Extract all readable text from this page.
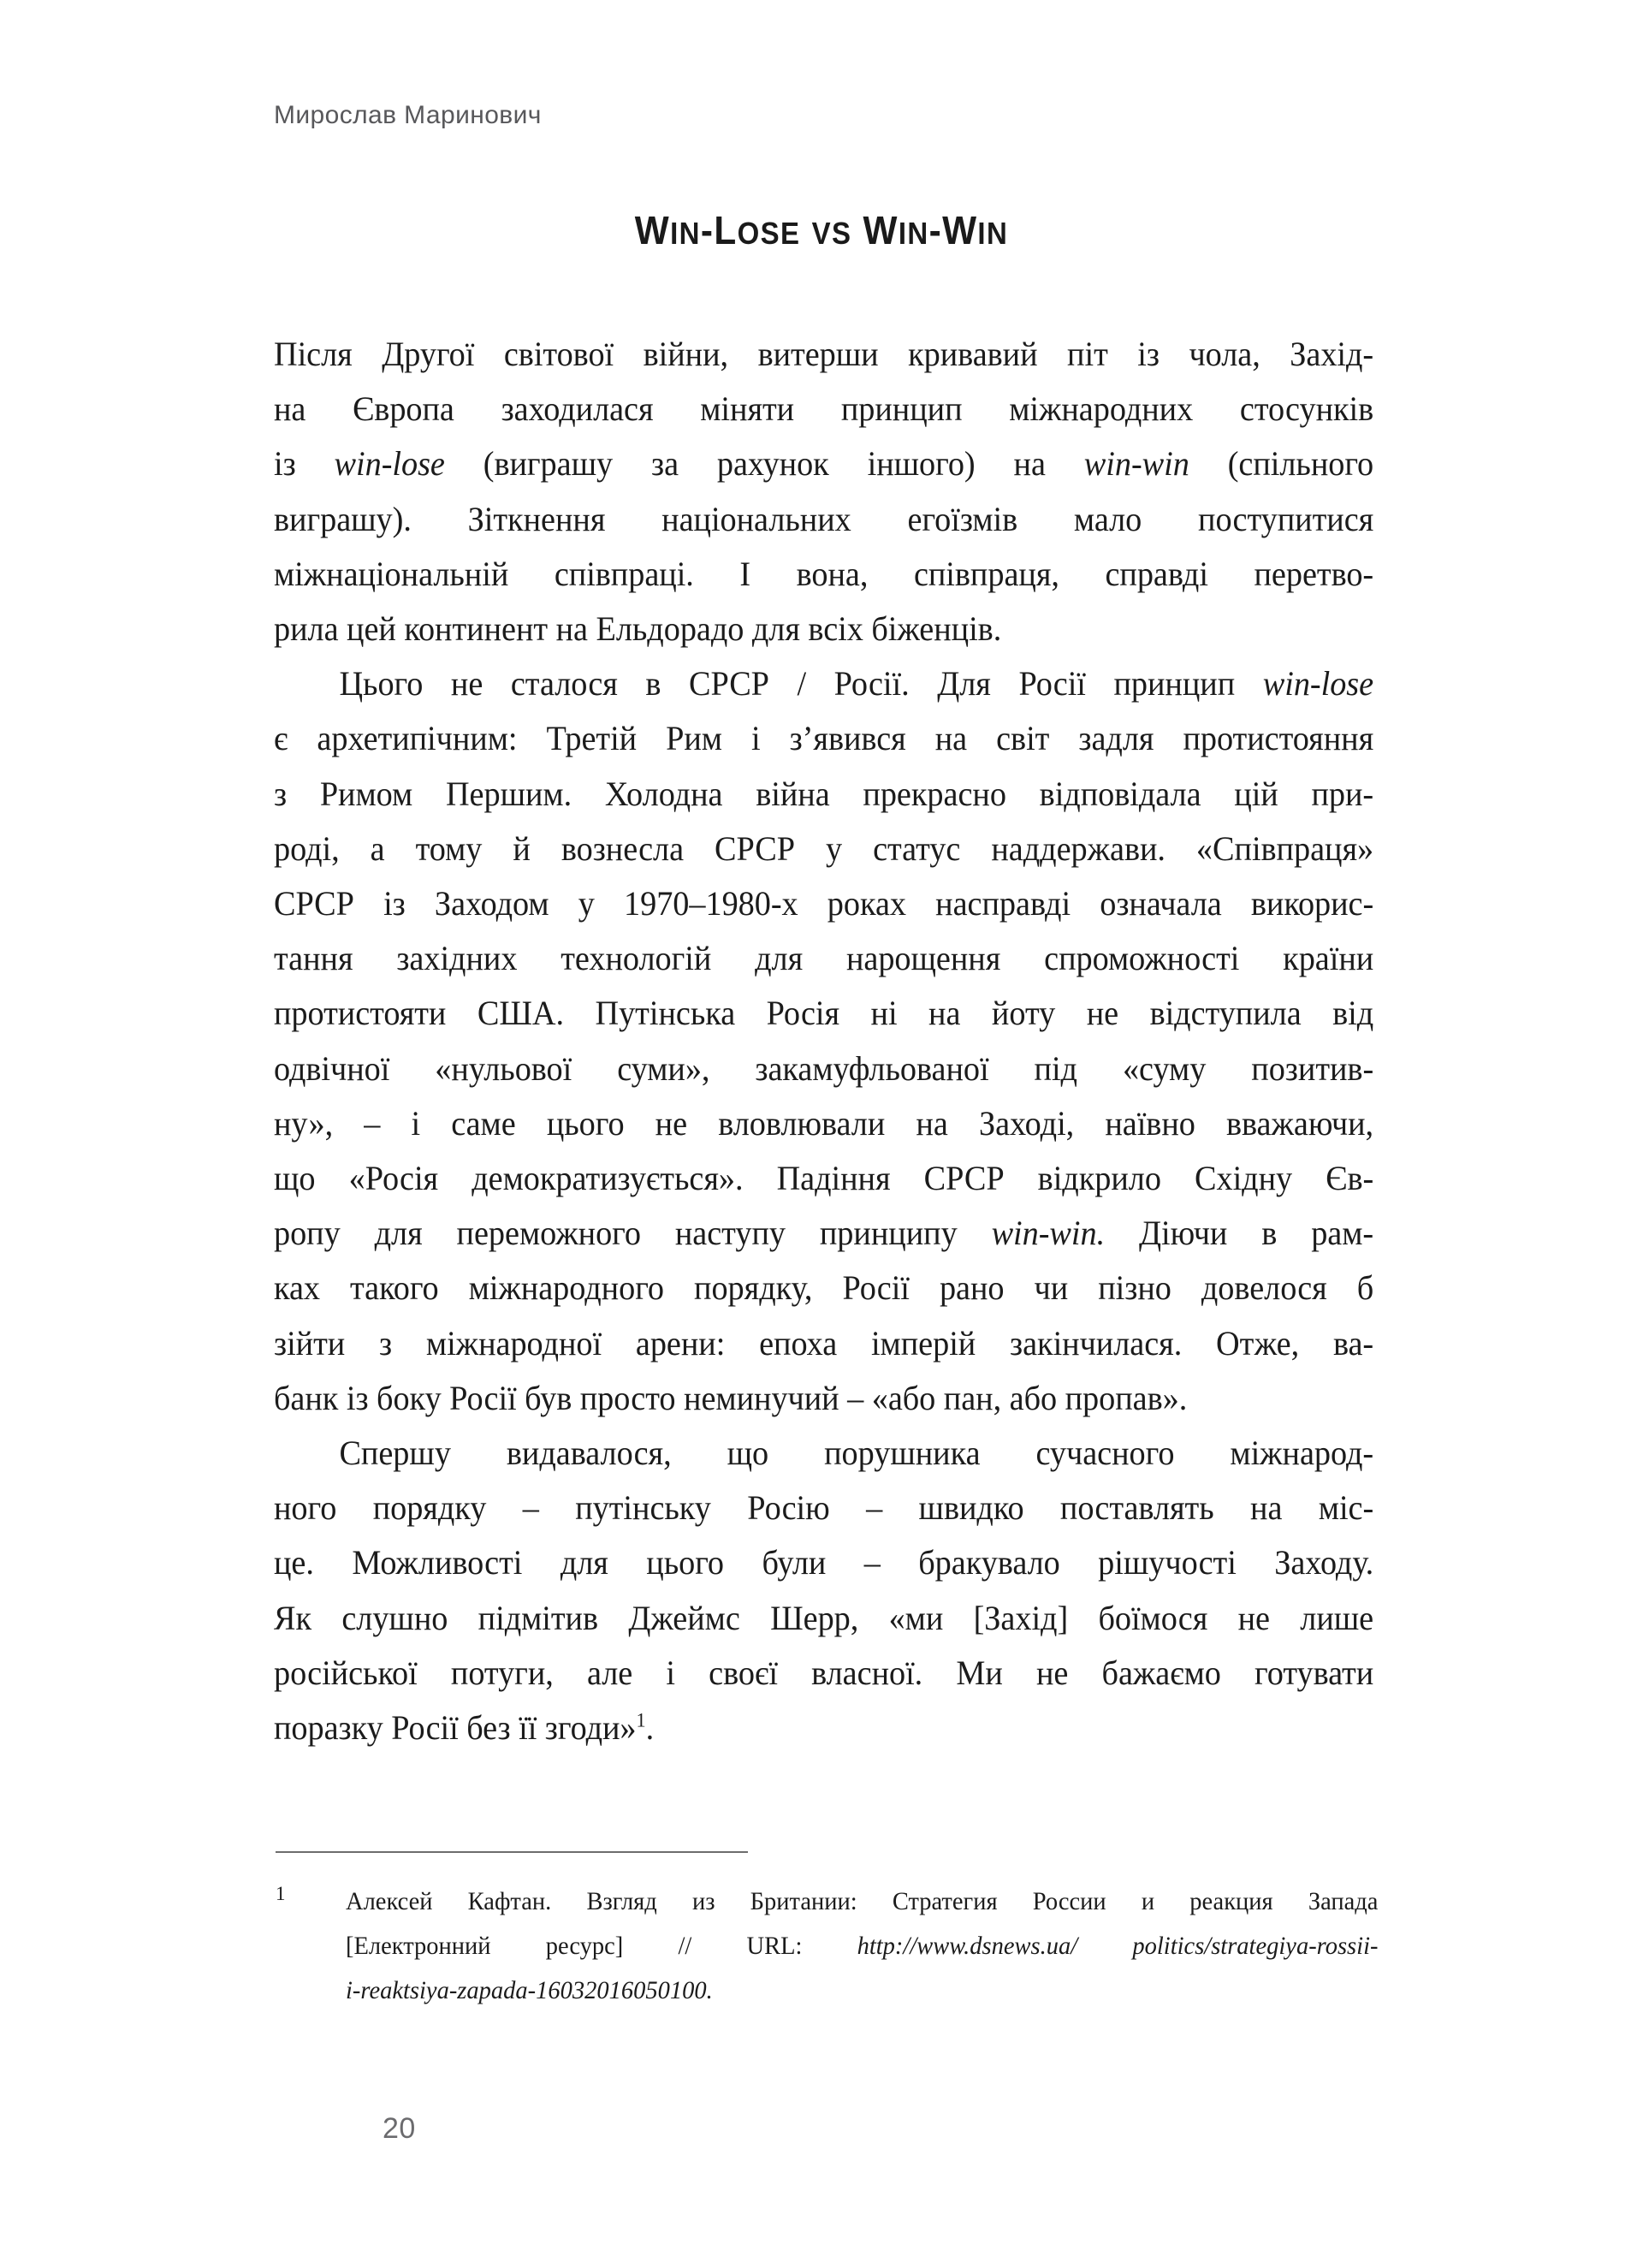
Мирослав Маринович
WIN-LOSE VS WIN-WIN
Після Другої світової війни, витерши кривавий піт із чола, Захід-
на Європа заходилася міняти принцип міжнародних стосунків
із win-lose (виграшу за рахунок іншого) на win-win (спільного
виграшу). Зіткнення національних егоїзмів мало поступитися
міжнаціональній співпраці. І вона, співпраця, справді перетво-
рила цей континент на Ельдорадо для всіх біженців.
  Цього не сталося в СРСР / Росії. Для Росії принцип win-lose
є архетипічним: Третій Рим і з’явився на світ задля протистояння
з Римом Першим. Холодна війна прекрасно відповідала цій при-
роді, а тому й вознесла СРСР у статус наддержави. «Співпраця»
СРСР із Заходом у 1970–1980-х роках насправді означала викорис-
тання західних технологій для нарощення спроможності країни
протистояти США. Путінська Росія ні на йоту не відступила від
одвічної «нульової суми», закамуфльованої під «суму позитив-
ну», – і саме цього не вловлювали на Заході, наївно вважаючи,
що «Росія демократизується». Падіння СРСР відкрило Східну Єв-
ропу для переможного наступу принципу win-win. Діючи в рам-
ках такого міжнародного порядку, Росії рано чи пізно довелося б
зійти з міжнародної арени: епоха імперій закінчилася. Отже, ва-
банк із боку Росії був просто неминучий – «або пан, або пропав».
  Спершу видавалося, що порушника сучасного міжнарод-
ного порядку – путінську Росію – швидко поставлять на міс-
це. Можливості для цього були – бракувало рішучості Заходу.
Як слушно підмітив Джеймс Шерр, «ми [Захід] боїмося не лише
російської потуги, але і своєї власної. Ми не бажаємо готувати
поразку Росії без її згоди»$^1$.
1 Алексей Кафтан. Взгляд из Британии: Стратегия России и реакция Запада
[Електронний ресурс] // URL: http://www.dsnews.ua/ politics/strategiya-rossii-
i-reaktsiya-zapada-16032016050100.
20
